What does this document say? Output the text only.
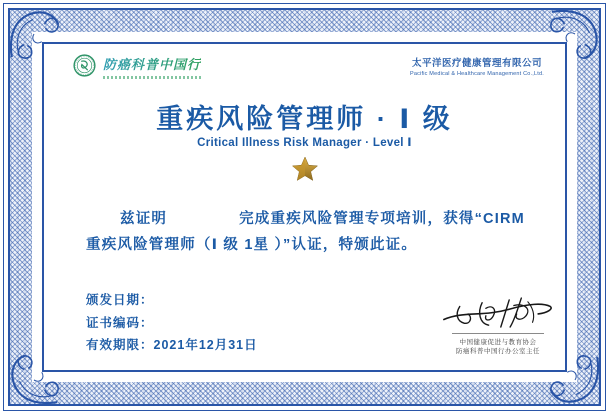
防癌科普中国行	太平洋医疗健康管理有限公司
Pacific Medical & Healthcare Management Co.,Ltd.
重疾风险管理师 · Ⅰ 级
Critical Illness Risk Manager · Level Ⅰ
兹证明	完成重疾风险管理专项培训，获得“CIRM
重疾风险管理师（Ⅰ 级 1星 ）”认证，特颁此证。
颁发日期：
证书编码：
有效期限：2021年12月31日	中国健康促进与教育协会
防癌科普中国行办公室主任
